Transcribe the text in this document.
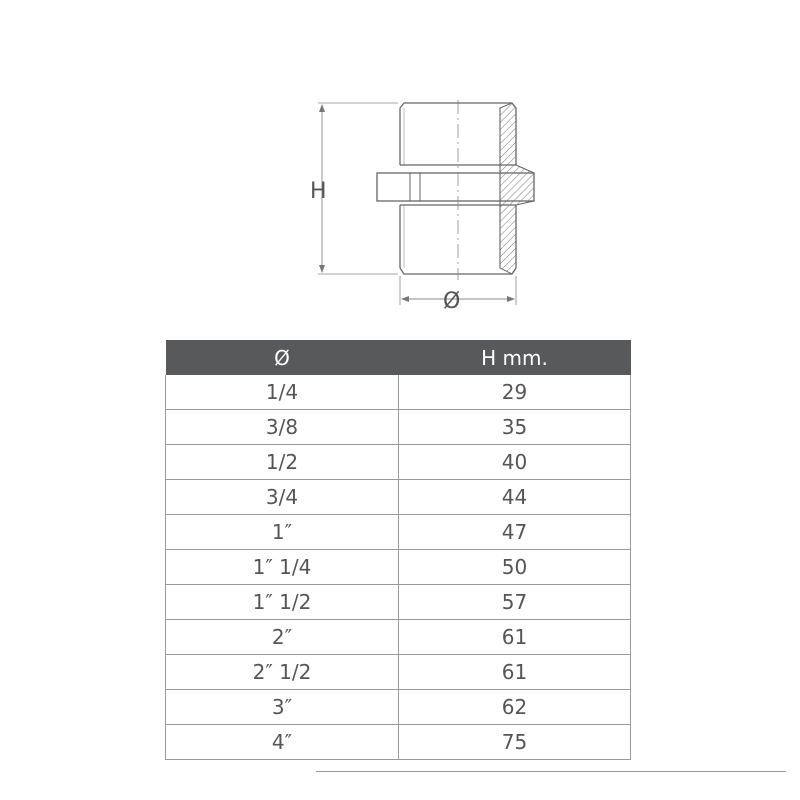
H
Ø
Ø	H mm.
1/4	29
3/8	35
1/2	40
3/4	44
1″	47
1″ 1/4	50
1″ 1/2	57
2″	61
2″ 1/2	61
3″	62
4″	75
